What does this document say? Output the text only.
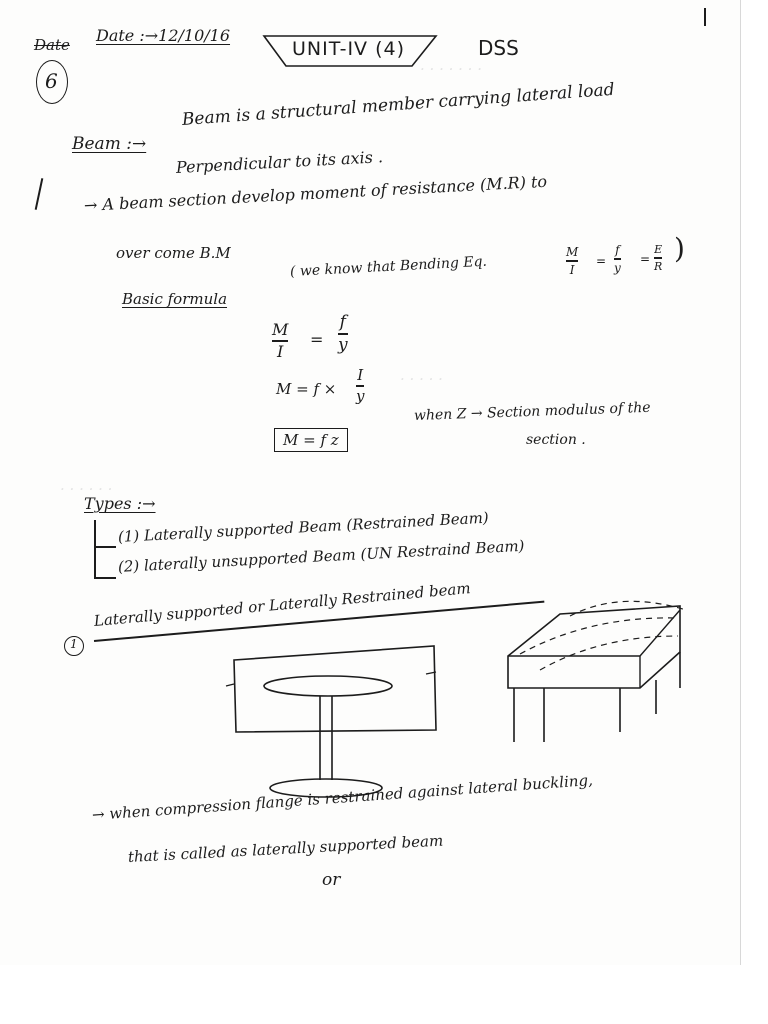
· · · · · · ·
· · · · ·
· · · · · ·
Date Date :→12/10/16
UNIT-IV (4)	DSS
6
Beam :→
Beam is a structural member carrying lateral load
Perpendicular to its axis .
→ A beam section develop moment of resistance (M.R) to
over come B.M
Basic formula
( we know that Bending Eq.
M
I
=
f
y
=
E
R
)
M
I
=
f
y
M = f ×
I
y
M = f z
when Z → Section modulus of the
section .
Types :→
(1) Laterally supported Beam (Restrained Beam)
(2) laterally unsupported Beam (UN Restraind Beam)
1
Laterally supported or Laterally Restrained beam
→ when compression flange is restrained against lateral buckling,
that is called as laterally supported beam
or
